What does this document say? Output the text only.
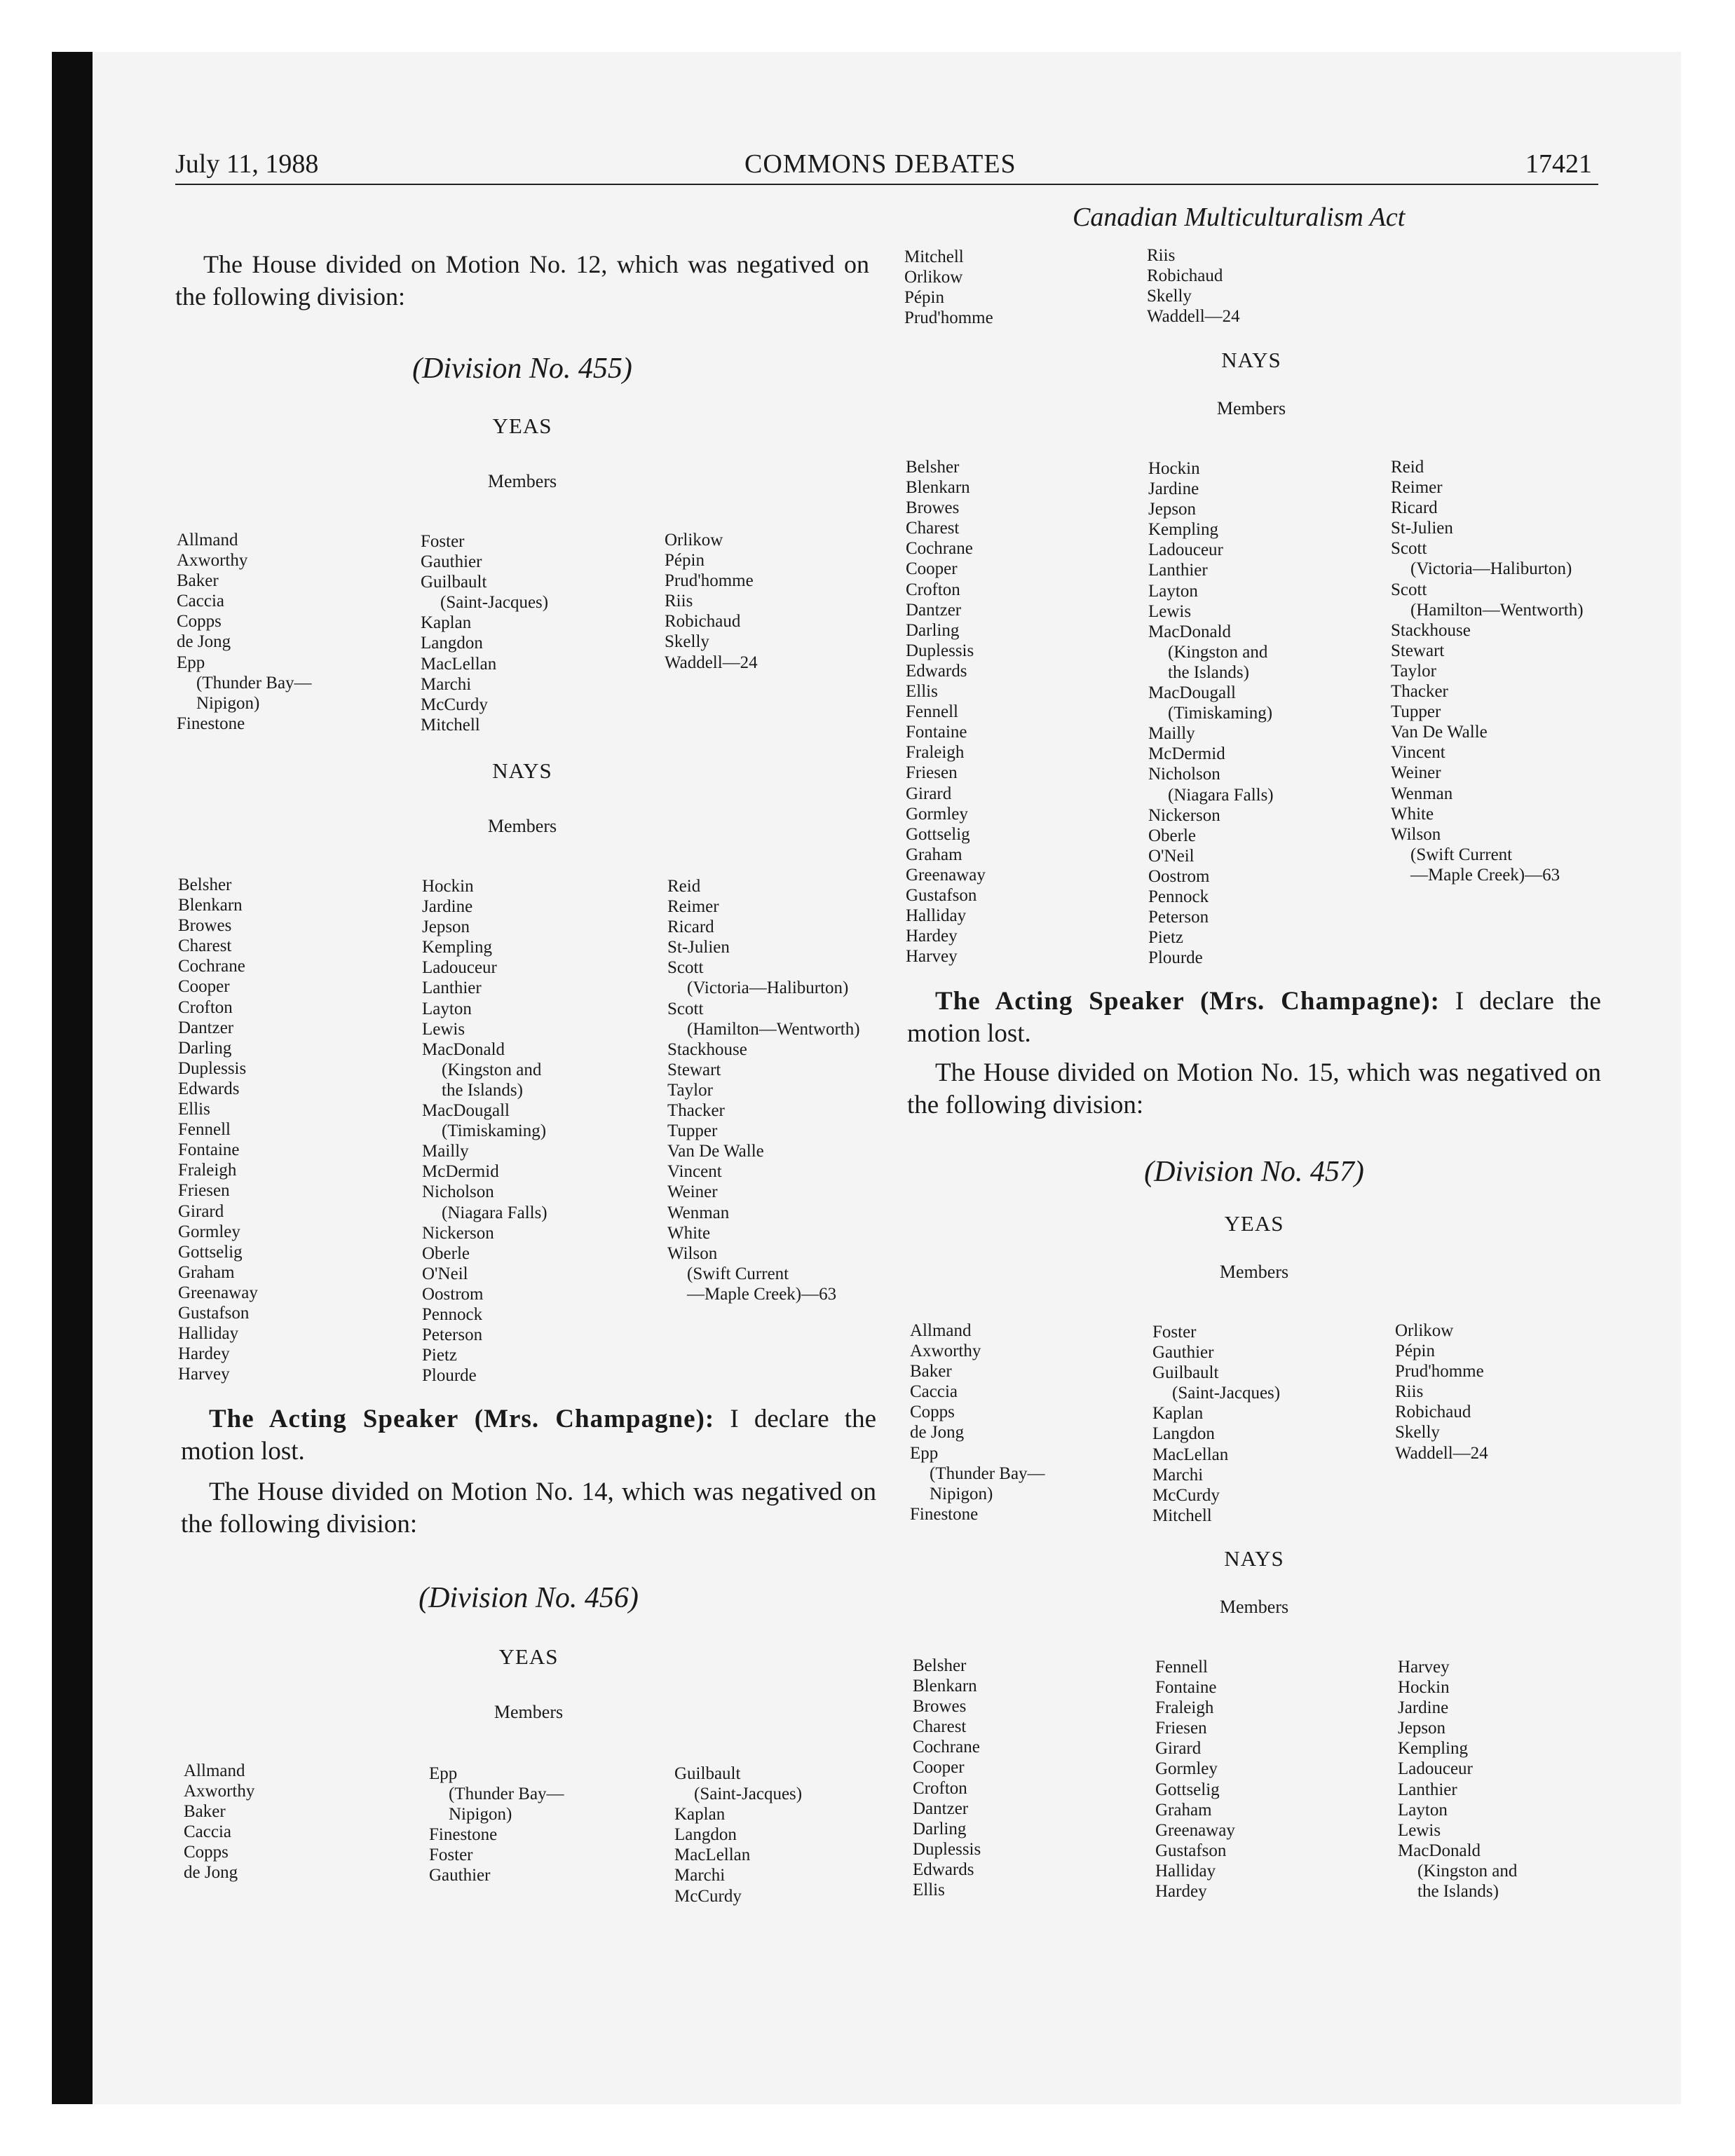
July 11, 1988	COMMONS DEBATES	17421
Canadian Multiculturalism Act

The House divided on Motion No. 12, which was negatived on the following division:

(Division No. 455)
YEAS
Members
Allmand
Axworthy
Baker
Caccia
Copps
de Jong
Epp
(Thunder Bay—
Nipigon)
Finestone
Foster
Gauthier
Guilbault
(Saint-Jacques)
Kaplan
Langdon
MacLellan
Marchi
McCurdy
Mitchell
Orlikow
Pépin
Prud'homme
Riis
Robichaud
Skelly
Waddell—24
NAYS
Members
Belsher
Blenkarn
Browes
Charest
Cochrane
Cooper
Crofton
Dantzer
Darling
Duplessis
Edwards
Ellis
Fennell
Fontaine
Fraleigh
Friesen
Girard
Gormley
Gottselig
Graham
Greenaway
Gustafson
Halliday
Hardey
Harvey
Hockin
Jardine
Jepson
Kempling
Ladouceur
Lanthier
Layton
Lewis
MacDonald
(Kingston and
the Islands)
MacDougall
(Timiskaming)
Mailly
McDermid
Nicholson
(Niagara Falls)
Nickerson
Oberle
O'Neil
Oostrom
Pennock
Peterson
Pietz
Plourde
Reid
Reimer
Ricard
St-Julien
Scott
(Victoria—Haliburton)
Scott
(Hamilton—Wentworth)
Stackhouse
Stewart
Taylor
Thacker
Tupper
Van De Walle
Vincent
Weiner
Wenman
White
Wilson
(Swift Current
—Maple Creek)—63

The Acting Speaker (Mrs. Champagne): I declare the motion lost.

The House divided on Motion No. 14, which was negatived on the following division:

(Division No. 456)
YEAS
Members
Allmand
Axworthy
Baker
Caccia
Copps
de Jong
Epp
(Thunder Bay—
Nipigon)
Finestone
Foster
Gauthier
Guilbault
(Saint-Jacques)
Kaplan
Langdon
MacLellan
Marchi
McCurdy
Mitchell
Orlikow
Pépin
Prud'homme
Riis
Robichaud
Skelly
Waddell—24
NAYS
Members
Belsher
Blenkarn
Browes
Charest
Cochrane
Cooper
Crofton
Dantzer
Darling
Duplessis
Edwards
Ellis
Fennell
Fontaine
Fraleigh
Friesen
Girard
Gormley
Gottselig
Graham
Greenaway
Gustafson
Halliday
Hardey
Harvey
Hockin
Jardine
Jepson
Kempling
Ladouceur
Lanthier
Layton
Lewis
MacDonald
(Kingston and
the Islands)
MacDougall
(Timiskaming)
Mailly
McDermid
Nicholson
(Niagara Falls)
Nickerson
Oberle
O'Neil
Oostrom
Pennock
Peterson
Pietz
Plourde
Reid
Reimer
Ricard
St-Julien
Scott
(Victoria—Haliburton)
Scott
(Hamilton—Wentworth)
Stackhouse
Stewart
Taylor
Thacker
Tupper
Van De Walle
Vincent
Weiner
Wenman
White
Wilson
(Swift Current
—Maple Creek)—63

The Acting Speaker (Mrs. Champagne): I declare the motion lost.

The House divided on Motion No. 15, which was negatived on the following division:

(Division No. 457)
YEAS
Members
Allmand
Axworthy
Baker
Caccia
Copps
de Jong
Epp
(Thunder Bay—
Nipigon)
Finestone
Foster
Gauthier
Guilbault
(Saint-Jacques)
Kaplan
Langdon
MacLellan
Marchi
McCurdy
Mitchell
Orlikow
Pépin
Prud'homme
Riis
Robichaud
Skelly
Waddell—24
NAYS
Members
Belsher
Blenkarn
Browes
Charest
Cochrane
Cooper
Crofton
Dantzer
Darling
Duplessis
Edwards
Ellis
Fennell
Fontaine
Fraleigh
Friesen
Girard
Gormley
Gottselig
Graham
Greenaway
Gustafson
Halliday
Hardey
Harvey
Hockin
Jardine
Jepson
Kempling
Ladouceur
Lanthier
Layton
Lewis
MacDonald
(Kingston and
the Islands)
